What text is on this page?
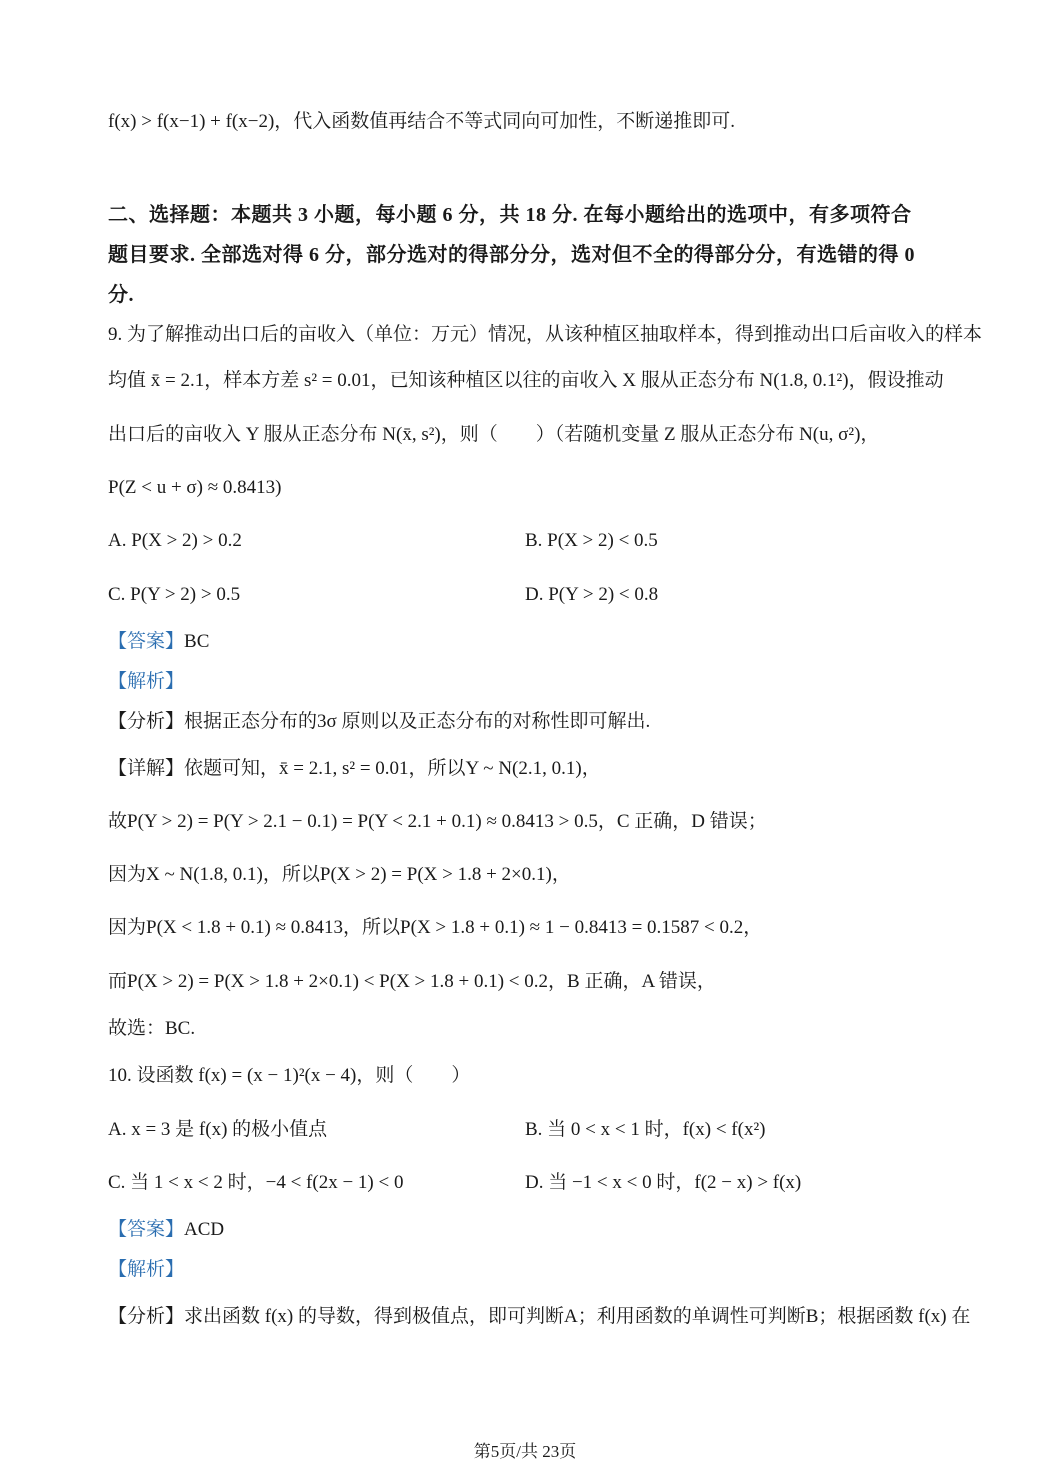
f(x) > f(x−1) + f(x−2)，代入函数值再结合不等式同向可加性，不断递推即可.
二、选择题：本题共 3 小题，每小题 6 分，共 18 分. 在每小题给出的选项中，有多项符合
题目要求. 全部选对得 6 分，部分选对的得部分分，选对但不全的得部分分，有选错的得 0
分.
9. 为了解推动出口后的亩收入（单位：万元）情况，从该种植区抽取样本，得到推动出口后亩收入的样本
均值 x̄ = 2.1，样本方差 s² = 0.01，已知该种植区以往的亩收入 X 服从正态分布 N(1.8, 0.1²)，假设推动
出口后的亩收入 Y 服从正态分布 N(x̄, s²)，则（　　）（若随机变量 Z 服从正态分布 N(u, σ²)，
P(Z < u + σ) ≈ 0.8413)
A. P(X > 2) > 0.2	B. P(X > 2) < 0.5
C. P(Y > 2) > 0.5	D. P(Y > 2) < 0.8
【答案】BC
【解析】
【分析】根据正态分布的3σ 原则以及正态分布的对称性即可解出.
【详解】依题可知，x̄ = 2.1, s² = 0.01，所以Y ~ N(2.1, 0.1)，
故P(Y > 2) = P(Y > 2.1 − 0.1) = P(Y < 2.1 + 0.1) ≈ 0.8413 > 0.5，C 正确，D 错误；
因为X ~ N(1.8, 0.1)，所以P(X > 2) = P(X > 1.8 + 2×0.1)，
因为P(X < 1.8 + 0.1) ≈ 0.8413，所以P(X > 1.8 + 0.1) ≈ 1 − 0.8413 = 0.1587 < 0.2，
而P(X > 2) = P(X > 1.8 + 2×0.1) < P(X > 1.8 + 0.1) < 0.2，B 正确，A 错误，
故选：BC.
10. 设函数 f(x) = (x − 1)²(x − 4)，则（　　）
A. x = 3 是 f(x) 的极小值点	B. 当 0 < x < 1 时，f(x) < f(x²)
C. 当 1 < x < 2 时，−4 < f(2x − 1) < 0	D. 当 −1 < x < 0 时，f(2 − x) > f(x)
【答案】ACD
【解析】
【分析】求出函数 f(x) 的导数，得到极值点，即可判断A；利用函数的单调性可判断B；根据函数 f(x) 在
第5页/共 23页
